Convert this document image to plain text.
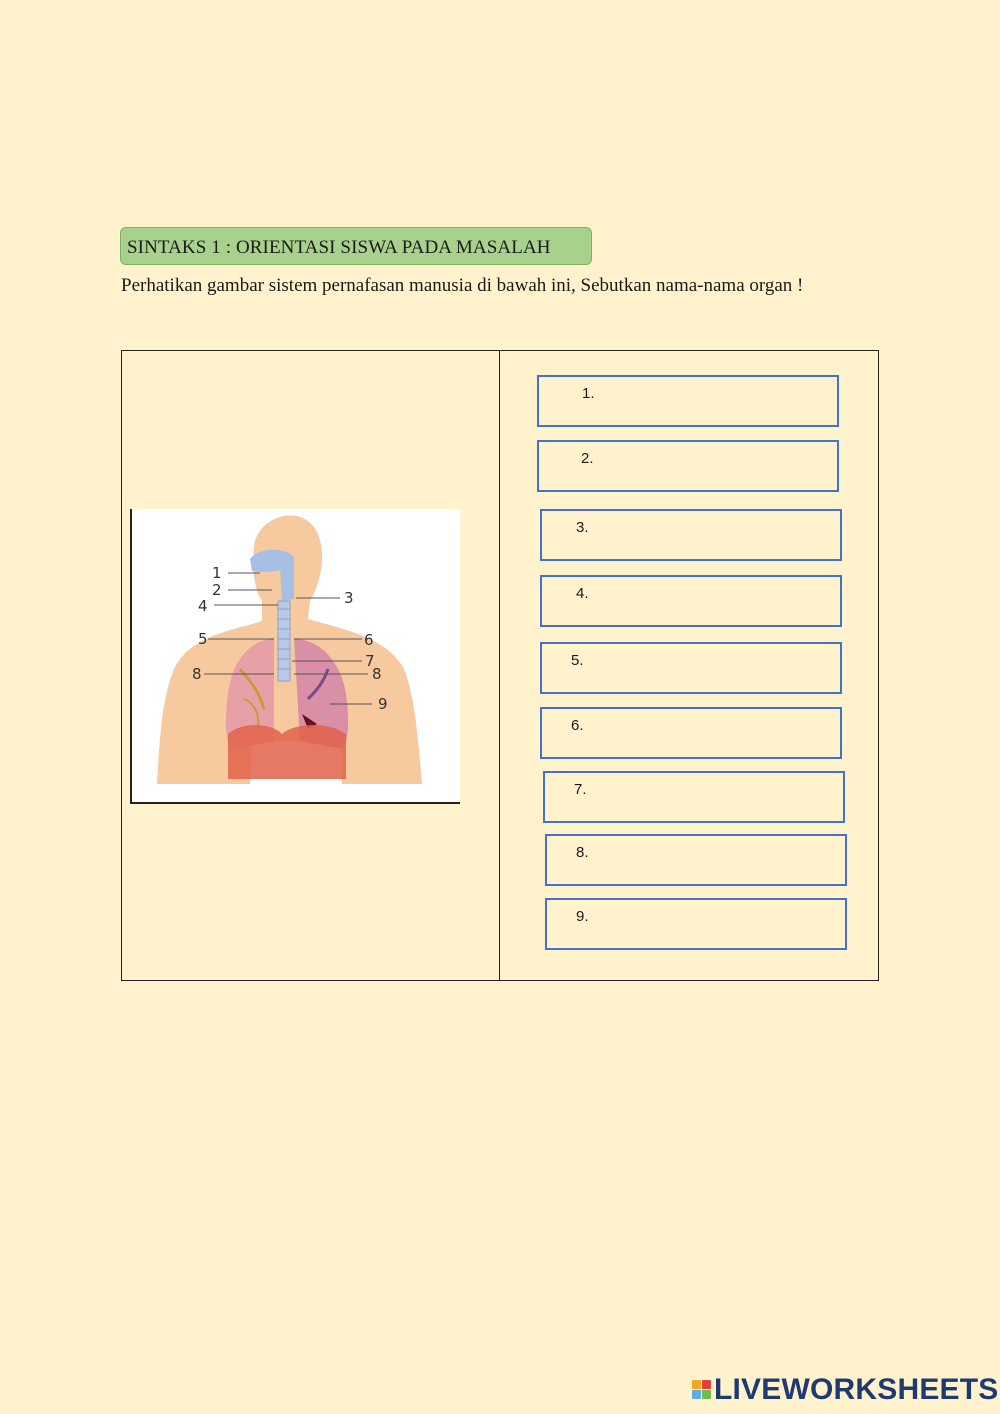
SINTAKS 1 : ORIENTASI SISWA PADA MASALAH
Perhatikan gambar sistem pernafasan manusia di bawah ini, Sebutkan nama-nama organ !
1
2	3
4
5	6
7
8	8
9
1.
2.
3.
4.
5.
6.
7.
8.
9.
LIVEWORKSHEETS
